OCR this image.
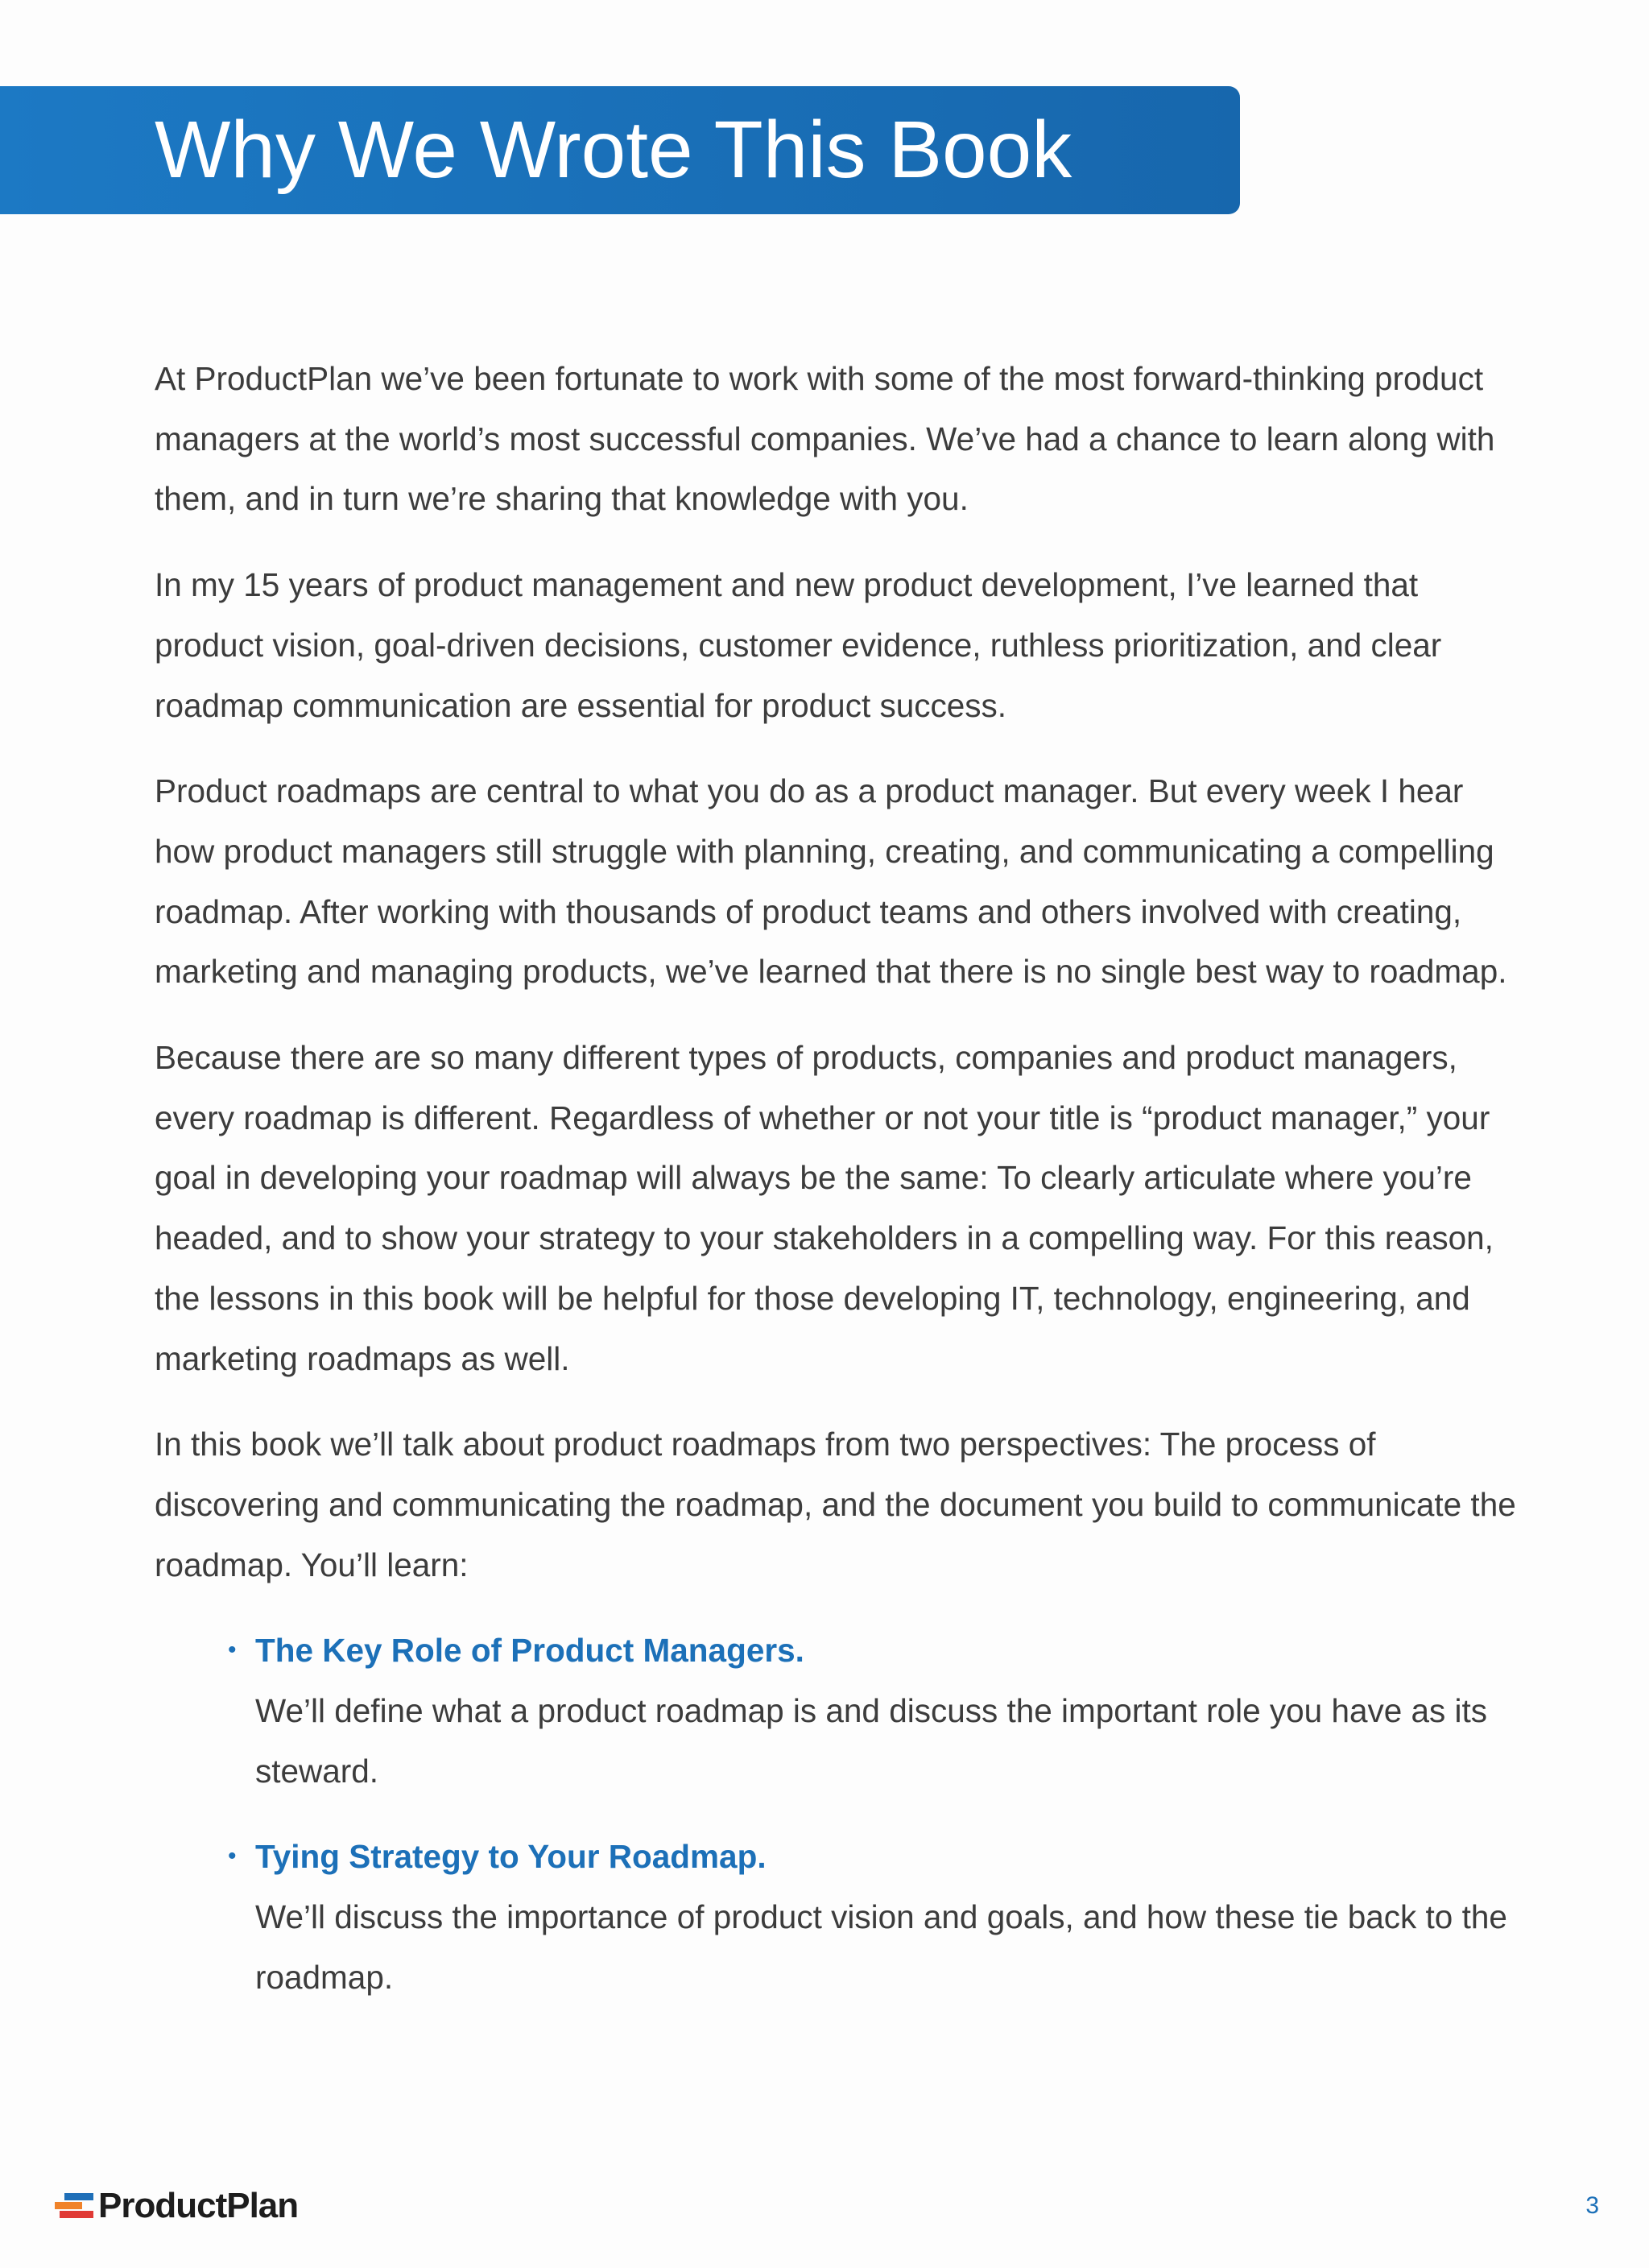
Why We Wrote This Book

At ProductPlan we’ve been fortunate to work with some of the most forward-thinking product managers at the world’s most successful companies. We’ve had a chance to learn along with them, and in turn we’re sharing that knowledge with you.

In my 15 years of product management and new product development, I’ve learned that product vision, goal-driven decisions, customer evidence, ruthless prioritization, and clear roadmap communication are essential for product success.

Product roadmaps are central to what you do as a product manager. But every week I hear how product managers still struggle with planning, creating, and communicating a compelling roadmap. After working with thousands of product teams and others involved with creating, marketing and managing products, we’ve learned that there is no single best way to roadmap.

Because there are so many different types of products, companies and product managers, every roadmap is different. Regardless of whether or not your title is “product manager,” your goal in developing your roadmap will always be the same: To clearly articulate where you’re headed, and to show your strategy to your stakeholders in a compelling way. For this reason, the lessons in this book will be helpful for those developing IT, technology, engineering, and marketing roadmaps as well.

In this book we’ll talk about product roadmaps from two perspectives: The process of discovering and communicating the roadmap, and the document you build to communicate the roadmap. You’ll learn:

• The Key Role of Product Managers.
We’ll define what a product roadmap is and discuss the important role you have as its steward.
• Tying Strategy to Your Roadmap.
We’ll discuss the importance of product vision and goals, and how these tie back to the roadmap.
ProductPlan	3
